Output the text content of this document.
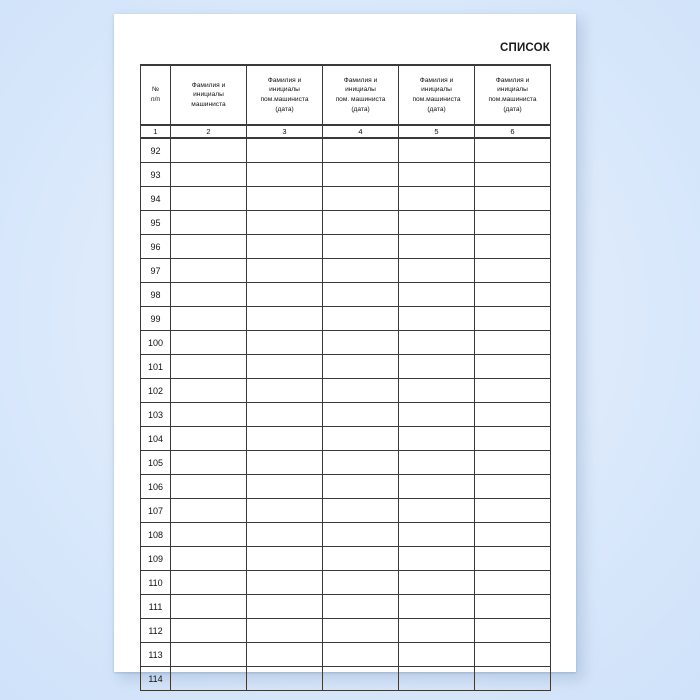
СПИСОК
№
п/п	Фамилия и
инициалы
машиниста	Фамилия и
инициалы
пом.машиниста
(дата)	Фамилия и
инициалы
пом. машиниста
(дата)	Фамилия и
инициалы
пом.машиниста
(дата)	Фамилия и
инициалы
пом.машиниста
(дата)

1	2	3	4	5	6
92					
93					
94					
95					
96					
97					
98					
99					
100					
101					
102					
103					
104					
105					
106					
107					
108					
109					
110					
111					
112					
113					
114					
